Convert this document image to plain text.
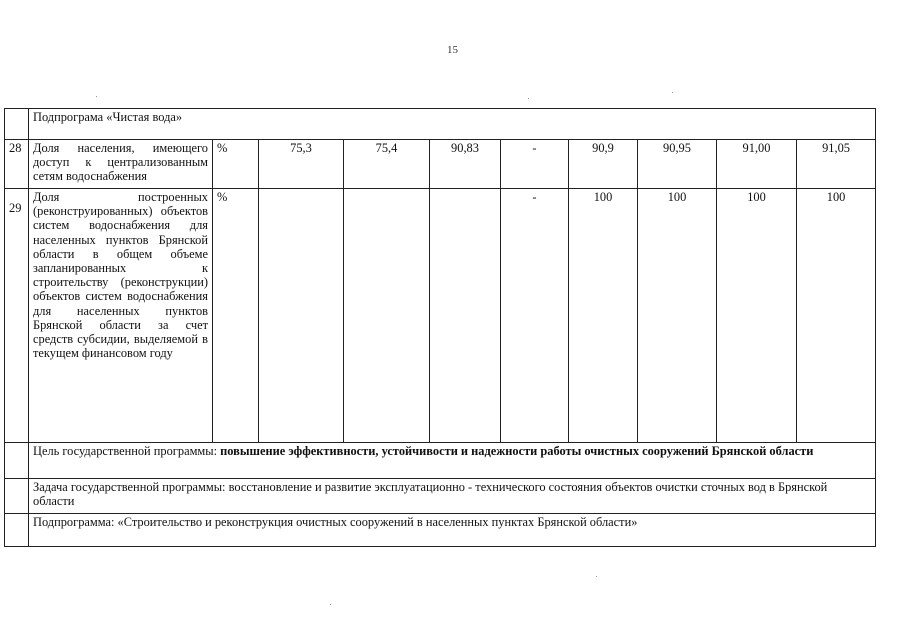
15
	Подпрограма «Чистая вода»									
28	Доля населения, имеющего доступ к централизованным сетям водоснабжения	%	75,3	75,4	90,83	-	90,9	90,95	91,00	91,05
29	Доля построенных (реконструированных) объектов систем водоснабжения для населенных пунктов Брянской области в общем объеме запланированных к строительству (реконструкции) объектов систем водоснабжения для населенных пунктов Брянской области за счет средств субсидии, выделяемой в текущем финансовом году	%				-	100	100	100	100
	Цель государственной программы: повышение эффективности, устойчивости и надежности работы очистных сооружений Брянской области									
	Задача государственной программы: восстановление и развитие эксплуатационно - технического состояния объектов очистки сточных вод в Брянской области									
	Подпрограмма: «Строительство и реконструкция очистных сооружений в населенных пунктах Брянской области»									
